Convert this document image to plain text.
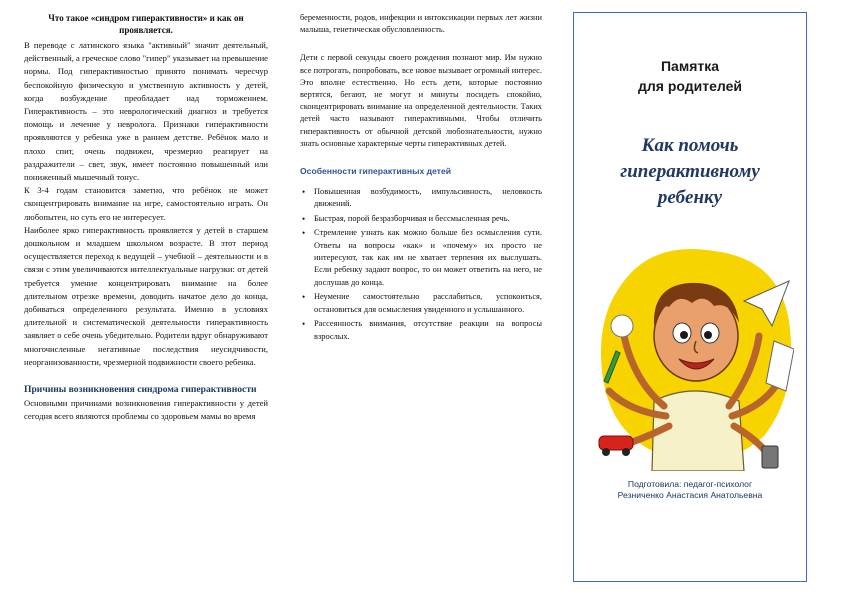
Что такое «синдром гиперактивности» и как он проявляется.

В переводе с латинского языка "активный" значит деятельный, действенный, а греческое слово "гипер" указывает на превышение нормы. Под гиперактивностью принято понимать чересчур беспокойную физическую и умственную активность у детей, когда возбуждение преобладает над торможением. Гиперактивность – это неврологический диагноз и требуется помощь и лечение у невролога. Признаки гиперактивности проявляются у ребенка уже в раннем детстве. Ребёнок мало и плохо спит, очень подвижен, чрезмерно реагирует на раздражители – свет, звук, имеет постоянно повышенный или пониженный мышечный тонус.

К 3-4 годам становится заметно, что ребёнок не может сконцентрировать внимание на игре, самостоятельно играть. Он любопытен, но суть его не интересует.

Наиболее ярко гиперактивность проявляется у детей в старшем дошкольном и младшем школьном возрасте. В этот период осуществляется переход к ведущей – учебной – деятельности и в связи с этим увеличиваются интеллектуальные нагрузки: от детей требуется умение концентрировать внимание на более длительном отрезке времени, доводить начатое дело до конца, добиваться определенного результата. Именно в условиях длительной и систематической деятельности гиперактивность заявляет о себе очень убедительно. Родители вдруг обнаруживают многочисленные негативные последствия неусидчивости, неорганизованности, чрезмерной подвижности своего ребенка.

Причины возникновения синдрома гиперактивности

Основными причинами возникновения гиперактивности у детей сегодня всего являются проблемы со здоровьем мамы во время

беременности, родов, инфекции и интоксикации первых лет жизни малыша, генетическая обусловленность.

Дети с первой секунды своего рождения познают мир. Им нужно все потрогать, попробовать, все новое вызывает огромный интерес. Это вполне естественно. Но есть дети, которые постоянно вертятся, бегают, не могут и минуты посидеть спокойно, сконцентрировать внимание на определенной деятельности. Таких детей часто называют гиперактивными. Чтобы отличить гиперактивность от обычной детской любознательности, нужно знать основные характерные черты гиперактивных детей.

Особенности гиперактивных детей

• Повышенная возбудимость, импульсивность, неловкость движений.
• Быстрая, порой безразборчивая и бессмысленная речь.
• Стремление узнать как можно больше без осмысления сути. Ответы на вопросы «как» и «почему» их просто не интересуют, так как им не хватает терпения их выслушать. Если ребенку задают вопрос, то он может ответить на него, не дослушав до конца.
• Неумение самостоятельно расслабиться, успокоиться, остановиться для осмысления увиденного и услышанного.
• Рассеянность внимания, отсутствие реакции на вопросы взрослых.
Памятка
для родителей
Как помочь
гиперактивному
ребенку
Подготовила: педагог-психолог
Резниченко Анастасия Анатольевна
